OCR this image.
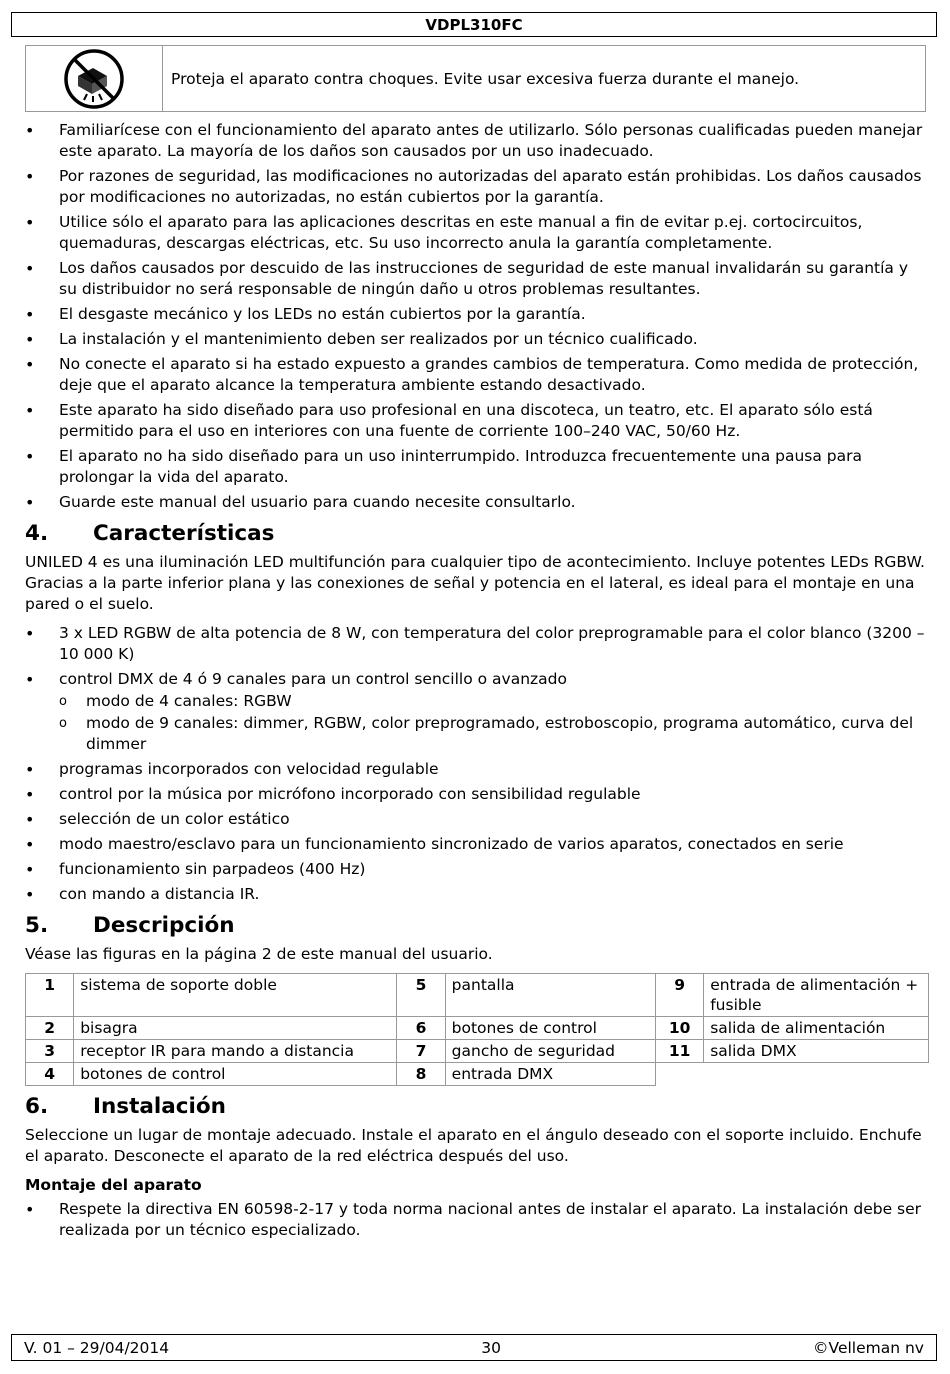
VDPL310FC
Proteja el aparato contra choques. Evite usar excesiva fuerza durante el manejo.
• Familiarícese con el funcionamiento del aparato antes de utilizarlo. Sólo personas cualificadas pueden manejar este aparato. La mayoría de los daños son causados por un uso inadecuado.
• Por razones de seguridad, las modificaciones no autorizadas del aparato están prohibidas. Los daños causados por modificaciones no autorizadas, no están cubiertos por la garantía.
• Utilice sólo el aparato para las aplicaciones descritas en este manual a fin de evitar p.ej. cortocircuitos, quemaduras, descargas eléctricas, etc. Su uso incorrecto anula la garantía completamente.
• Los daños causados por descuido de las instrucciones de seguridad de este manual invalidarán su garantía y su distribuidor no será responsable de ningún daño u otros problemas resultantes.
• El desgaste mecánico y los LEDs no están cubiertos por la garantía.
• La instalación y el mantenimiento deben ser realizados por un técnico cualificado.
• No conecte el aparato si ha estado expuesto a grandes cambios de temperatura. Como medida de protección, deje que el aparato alcance la temperatura ambiente estando desactivado.
• Este aparato ha sido diseñado para uso profesional en una discoteca, un teatro, etc. El aparato sólo está permitido para el uso en interiores con una fuente de corriente 100–240 VAC, 50/60 Hz.
• El aparato no ha sido diseñado para un uso ininterrumpido. Introduzca frecuentemente una pausa para prolongar la vida del aparato.
• Guarde este manual del usuario para cuando necesite consultarlo.
4.	Características

UNILED 4 es una iluminación LED multifunción para cualquier tipo de acontecimiento. Incluye potentes LEDs RGBW. Gracias a la parte inferior plana y las conexiones de señal y potencia en el lateral, es ideal para el montaje en una pared o el suelo.

• 3 x LED RGBW de alta potencia de 8 W, con temperatura del color preprogramable para el color blanco (3200 – 10 000 K)
• control DMX de 4 ó 9 canales para un control sencillo o avanzado
o modo de 4 canales: RGBW
o modo de 9 canales: dimmer, RGBW, color preprogramado, estroboscopio, programa automático, curva del dimmer
• programas incorporados con velocidad regulable
• control por la música por micrófono incorporado con sensibilidad regulable
• selección de un color estático
• modo maestro/esclavo para un funcionamiento sincronizado de varios aparatos, conectados en serie
• funcionamiento sin parpadeos (400 Hz)
• con mando a distancia IR.
5.	Descripción

Véase las figuras en la página 2 de este manual del usuario.

1	sistema de soporte doble	5	pantalla	9	entrada de alimentación + fusible
2	bisagra	6	botones de control	10	salida de alimentación
3	receptor IR para mando a distancia	7	gancho de seguridad	11	salida DMX
4	botones de control	8	entrada DMX		
6.	Instalación

Seleccione un lugar de montaje adecuado. Instale el aparato en el ángulo deseado con el soporte incluido. Enchufe el aparato. Desconecte el aparato de la red eléctrica después del uso.

Montaje del aparato
• Respete la directiva EN 60598-2-17 y toda norma nacional antes de instalar el aparato. La instalación debe ser realizada por un técnico especializado.
V. 01 – 29/04/2014	30	©Velleman nv
